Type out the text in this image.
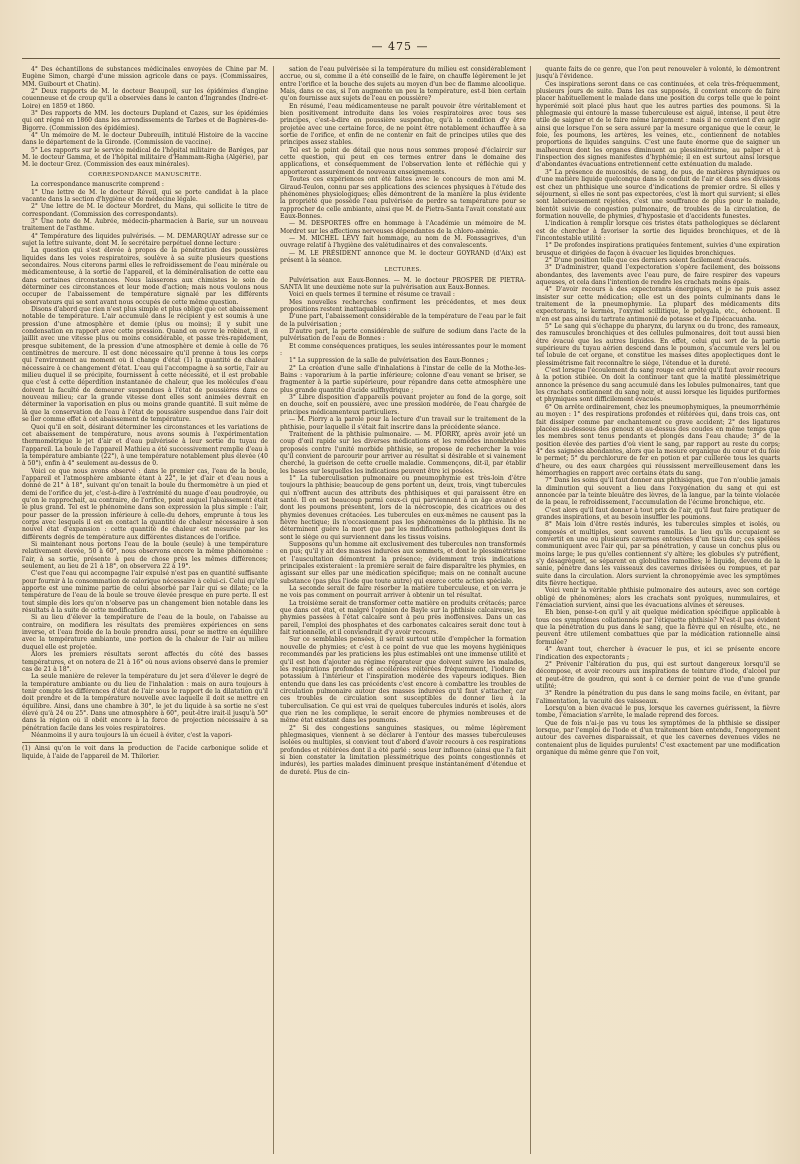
— 475 —

4° Des échantillons de substances médicinales envoyées de Chine par M. Eugène Simon, chargé d'une mission agricole dans ce pays. (Commissaires, MM. Guibourt et Chatin).

2° Deux rapports de M. le docteur Beaupoil, sur les épidémies d'angine couenneuse et de croup qu'il a observées dans le canton d'Ingrandes (Indre-et-Loire) en 1859 et 1860.

3° Des rapports de MM. les docteurs Dupland et Cazes, sur les épidémies qui ont régné en 1860 dans les arrondissements de Tarbes et de Bagnères-de-Bigorre. (Commission des épidémies).

4° Un mémoire de M. le docteur Dubreuilh, intitulé Histoire de la vaccine dans le département de la Gironde. (Commission de vaccine).

5° Les rapports sur le service médical de l'hôpital militaire de Baréges, par M. le docteur Gamma, et de l'hôpital militaire d'Hammam-Righa (Algérie), par M. le docteur Grez. (Commission des eaux minérales).

CORRESPONDANCE MANUSCRITE.

La correspondance manuscrite comprend :

1° Une lettre de M. le docteur Réveil, qui se porte candidat à la place vacante dans la section d'hygiène et de médecine légale.

2° Une lettre de M. le docteur Mordret, du Mans, qui sollicite le titre de correspondant. (Commission des correspondants).

3° Une note de M. Aubrée, médecin-pharmacien à Barie, sur un nouveau traitement de l'asthme.

4° Température des liquides pulvérisés. — M. DEMARQUAY adresse sur ce sujet la lettre suivante, dont M. le secrétaire perpétuel donne lecture :

La question qui s'est élevée à propos de la pénétration des poussières liquides dans les voies respiratoires, soulève à sa suite plusieurs questions secondaires. Nous citerons parmi elles le refroidissement de l'eau minérale ou médicamenteuse, à la sortie de l'appareil, et la déminéralisation de cette eau dans certaines circonstances. Nous laisserons aux chimistes le soin de déterminer ces circonstances et leur mode d'action; mais nous voulons nous occuper de l'abaissement de température signalé par les différents observateurs qui se sont avant nous occupés de cette même question.

Disons d'abord que rien n'est plus simple et plus obligé que cet abaissement notable de température. L'air accumulé dans le récipient y est soumis à une pression d'une atmosphère et demie (plus ou moins); il y subit une condensation en rapport avec cette pression. Quand on ouvre le robinet, il en jaillit avec une vitesse plus ou moins considérable, et passe très-rapidement, presque subitement, de la pression d'une atmosphère et demie à celle de 76 centimètres de mercure. Il est donc nécessaire qu'il prenne à tous les corps qui l'environnent au moment où il change d'état (1) la quantité de chaleur nécessaire à ce changement d'état. L'eau qui l'accompagne à sa sortie, l'air au milieu duquel il se précipite, fournissent à cette nécessité, et il est probable que c'est à cette déperdition instantanée de chaleur, que les molécules d'eau doivent la faculté de demeurer suspendues à l'état de poussières dans ce nouveau milieu; car la grande vitesse dont elles sont animées devrait en déterminer la vaporisation en plus ou moins grande quantité. Il suit même de là que la conservation de l'eau à l'état de poussière suspendue dans l'air doit se lier comme effet à cet abaissement de température.

Quoi qu'il en soit, désirant déterminer les circonstances et les variations de cet abaissement de température, nous avons soumis à l'expérimentation thermométrique le jet d'air et d'eau pulvérisée à leur sortie du tuyau de l'appareil. La boule de l'appareil Mathieu a été successivement remplie d'eau à la température ambiante (22°), à une température notablement plus élevée (40 à 50°), enfin à 4° seulement au-dessus de 0.

Voici ce que nous avons observé : dans le premier cas, l'eau de la boule, l'appareil et l'atmosphère ambiante étant à 22°, le jet d'air et d'eau nous a donné de 21° à 18°, suivant qu'on tenait la boule du thermomètre à un pied et demi de l'orifice du jet, c'est-à-dire à l'extrémité du nuage d'eau poudroyée, ou qu'on le rapprochait, au contraire, de l'orifice, point auquel l'abaissement était le plus grand. Tel est le phénomène dans son expression la plus simple : l'air, pour passer de la pression inférieure à celle-du dehors, emprunte à tous les corps avec lesquels il est en contact la quantité de chaleur nécessaire à son nouvel état d'expansion : cette quantité de chaleur est mesurée par les différents degrés de température aux différentes distances de l'orifice.

Si maintenant nous portons l'eau de la boule (seule) à une température relativement élevée, 50 à 60°, nous observons encore la même phénomène : l'air, à sa sortie, présente à peu de chose près les mêmes différences; seulement, au lieu de 21 à 18°, on observera 22 à 19°.

C'est que l'eau qui accompagne l'air expulsé n'est pas en quantité suffisante pour fournir à la consommation de calorique nécessaire à celui-ci. Celui qu'elle apporte est une minime partie de celui absorbé par l'air qui se dilate; ce la température de l'eau de la boule se trouve élevée presque en pure perte. Il est tout simple dès lors qu'on n'observe pas un changement bien notable dans les résultats à la suite de cette modification.

Si au lieu d'élever la température de l'eau de la boule, on l'abaisse au contraire, on modifiera les résultats des premières expériences en sens inverse, et l'eau froide de la boule prendra aussi, pour se mettre en équilibre avec la température ambiante, une portion de la chaleur de l'air au milieu duquel elle est projetée.

Alors les premiers résultats seront affectés du côté des basses températures, et on notera de 21 à 16° où nous avions observé dans le premier cas de 21 à 18°.

La seule manière de relever la température du jet sera d'élever le degré de la température ambiante ou du lieu de l'inhalation : mais on aura toujours à tenir compte les différences d'état de l'air sous le rapport de la dilatation qu'il doit prendre et de la température nouvelle avec laquelle il doit se mettre en équilibre. Ainsi, dans une chambre à 30°, le jet du liquide à sa sortie ne s'est élevé qu'à 24 ou 25°. Dans une atmosphère à 60°, peut-être irait-il jusqu'à 50° dans la région où il obéit encore à la force de projection nécessaire à sa pénétration facile dans les voies respiratoires.

Néanmoins il y aura toujours là un écueil à éviter, c'est la vapori-

(1) Ainsi qu'on le voit dans la production de l'acide carbonique solide et liquide, à l'aide de l'appareil de M. Thilorier.

sation de l'eau pulvérisée si la température du milieu est considérablement accrue, ou si, comme il a été conseillé de le faire, on chauffe légèrement le jet entre l'orifice et la bouche des sujets au moyen d'un bec de flamme alcoolique. Mais, dans ce cas, si l'on augmente un peu la température, est-il bien certain qu'on fournisse aux sujets de l'eau en poussière?

En résumé, l'eau médicamenteuse ne paraît pouvoir être véritablement et bien positivement introduite dans les voies respiratoires avec tous ses principes, c'est-à-dire en poussière suspendue, qu'à la condition d'y être projetée avec une certaine force, de ne point être notablement échauffée à sa sortie de l'orifice, et enfin de ne contenir en fait de principes utiles que des principes assez stables.

Tel est le point de détail que nous nous sommes proposé d'éclaircir sur cette question, qui peut en ces termes entrer dans le domaine des applications, et conséquemment de l'observation lente et réfléchie qui y apporteront assurément de nouveaux enseignements.

Toutes ces expériences ont été faites avec le concours de mon ami M. Giraud-Teulon, connu par ses applications des sciences physiques à l'étude des phénomènes physiologiques; elles démontrent de la manière la plus évidente la propriété que possède l'eau pulvérisée de perdre sa température pour se rapprocher de celle ambiante, ainsi que M. de Pietra-Santa l'avait constaté aux Eaux-Bonnes.

— M. DESPORTES offre en hommage à l'Académie un mémoire de M. Mordret sur les affections nerveuses dépendantes de la chloro-anémie.

— M. MICHEL LÉVY fait hommage, au nom de M. Fonssagrives, d'un ouvrage relatif à l'hygiène des valétudinaires et des convalescents.

— M. LE PRÉSIDENT annonce que M. le docteur GOYRAND (d'Aix) est présent à la séance.

LECTURES.

Pulvérisation aux Eaux-Bonnes. — M. le docteur PROSPER DE PIETRA-SANTA lit une deuxième note sur la pulvérisation aux Eaux-Bonnes.

Voici en quels termes il termine et résume ce travail :

Mes nouvelles recherches confirment les précédentes, et mes deux propositions restent inattaquables :

D'une part, l'abaissement considérable de la température de l'eau par le fait de la pulvérisation ;

D'autre part, la perte considérable de sulfure de sodium dans l'acte de la pulvérisation de l'eau de Bonnes :

Et comme conséquences pratiques, les seules intéressantes pour le moment :

1° La suppression de la salle de pulvérisation des Eaux-Bonnes ;

2° La création d'une salle d'inhalations à l'instar de celle de la Mothe-les-Bains : vaporarium à la partie inférieure; colonne d'eau venant se briser, se fragmenter à la partie supérieure, pour répandre dans cette atmosphère une plus grande quantité d'acide sulfhydrique ;

3° Libre disposition d'appareils pouvant projeter au fond de la gorge, soit en douche, soit en poussière, avec une pression modérée, de l'eau chargée de principes médicamenteux particuliers.

— M. Piorry a la parole pour la lecture d'un travail sur le traitement de la phthisie, pour laquelle il s'était fait inscrire dans la précédente séance.

Traitement de la phthisie pulmonaire. — M. PIORRY, après avoir jeté un coup d'œil rapide sur les diverses médications et les remèdes innombrables proposés contre l'unité morbide phthisie, se propose de rechercher la voie qu'il convient de parcourir pour arriver au résultat si désirable et si vainement cherché, la guérison de cette cruelle maladie. Commençons, dit-il, par établir les bases sur lesquelles les indications peuvent être ici posées.

1° La tuberculisation pulmonaire ou pneumophymie est très-loin d'être toujours la phthisie; beaucoup de gens portent un, deux, trois, vingt tubercules qui n'offrent aucun des attributs des phthisiques et qui paraissent être en santé. Il en est beaucoup parmi ceux-ci qui parviennent à un âge avancé et dont les poumons présentent, lors de la nécroscopie, des cicatrices ou des phymies devenues crétacées. Les tubercules en eux-mêmes ne causent pas la fièvre hectique; ils n'occasionnent pas les phénomènes de la phthisie. Ils ne déterminent guère la mort que par les modifications pathologiques dont ils sont le siége ou qui surviennent dans les tissus voisins.

Supposons qu'un homme ait exclusivement des tubercules non transformés en pus; qu'il y ait des masses indurées aux sommets, et dont le plessimétrisme et l'auscultation démontrent la présence; évidemment trois indications principales existeraient : la première serait de faire disparaître les phymies, en agissant sur elles par une médication spécifique; mais on ne connaît aucune substance (pas plus l'iode que toute autre) qui exerce cette action spéciale.

La seconde serait de faire résorber la matière tuberculeuse, et on verra je ne vois pas comment on pourrait arriver à obtenir un tel résultat.

La troisième serait de transformer cette matière en produits crétacés; parce que dans cet état, et malgré l'opinion de Bayle sur la phthisie calcaireuse, les phymies passées à l'état calcaire sont à peu près inoffensives. Dans un cas pareil, l'emploi des phosphates et des carbonates calcaires serait donc tout à fait rationnelle, et il conviendrait d'y avoir recours.

Sur ce semblables pensées, il serait surtout utile d'empêcher la formation nouvelle de phymies; et c'est à ce point de vue que les moyens hygiéniques recommandés par les praticiens les plus estimables ont une immense utilité et qu'il est bon d'ajouter au régime réparateur que doivent suivre les malades, les respirations profondes et accélérées réitérées fréquemment, l'iodure de potassium à l'intérieur et l'inspiration modérée des vapeurs iodiques. Bien entendu que dans les cas précédents c'est encore à combattre les troubles de circulation pulmonaire autour des masses indurées qu'il faut s'attacher, car ces troubles de circulation sont susceptibles de donner lieu à la tuberculisation. Ce qui est vrai de quelques tubercules indurés et isolés, alors que rien ne les complique, le serait encore de phymies nombreuses et de même état existant dans les poumons.

2° Si des congestions sanguines stasiques, ou même légèrement phlegmasiques, viennent à se déclarer à l'entour des masses tuberculeuses isolées ou multiples, si convient tout d'abord d'avoir recours à ces respirations profondes et réitérées dont il a été parlé : sous leur influence (ainsi que l'a fait si bien constater la limitation plessimétrique des points congestionnés et indurés), les parties malades diminuent presque instantanément d'étendue et de dureté. Plus de cin-

quante faits de ce genre, que l'on peut renouveler à volonté, le démontrent jusqu'à l'évidence.

Ces inspirations seront dans ce cas continuées, et cela très-fréquemment, plusieurs jours de suite. Dans les cas supposés, il convient encore de faire placer habituellement le malade dans une position du corps telle que le point hyperémié soit placé plus haut que les autres parties des poumons. Si la phlegmasie qui entoure la masse tuberculeuse est aiguë, intense, il peut être utile de saigner et de le faire même largement : mais il ne convient d'en agir ainsi que lorsque l'on se sera assuré par la mesure organique que le cœur, le foie, les poumons, les artères, les veines, etc., contiennent de notables proportions de liquides sanguins. C'est une faute énorme que de saigner un malheureux dont les organes diminuent au plessimétrisme, au palper et à l'inspection des signes manifestes d'hyphémie; il en est surtout ainsi lorsque d'abondantes évacuations entretiennent cette exténuation du malade.

3° La présence de mucosités, de sang, de pus, de matières phymiques ou d'une matière liquide quelconque dans le conduit de l'air et dans ses divisions est chez un phthisique une source d'indications de premier ordre. Si elles y séjournent, si elles ne sont pas expectorées, c'est là mort qui survient; si elles sont laborieusement rejetées, c'est une souffrance de plus pour le malade, bientôt suivie de congestion pulmonaire, de troubles de la circulation, de formation nouvelle, de phymies, d'hypostasie et d'accidents funestes.

L'indication à remplir lorsque ces tristes états pathologiques se déclarent est de chercher à favoriser la sortie des liquides bronchiques, et de là l'incontestable utilité :

1° De profondes inspirations pratiquées fentement, suivies d'une expiration brusque et dirigées de façon à évacuer les liquides bronchiques.

2° D'une position telle que ces derniers soient facilement évacués.

3° D'administrer, quand l'expectoration s'opère facilement, des boissons abondantes, des lavements avec l'eau pure, de faire respirer des vapeurs aqueuses, et cela dans l'intention de rendre les crachats moins épais.

4° D'avoir recours à des expectorants énergiques, et je ne puis assez insister sur cette médication; elle est un des points culminants dans le traitement de la pneumophymie. La plupart des médicaments dits expectorants, le kermès, l'oxymel scillitique, le polygala, etc., échouent. Il n'en est pas ainsi du tartrate antimonié de potasse et de l'ipécacuanha.

5° Le sang qui s'échappe du pharynx, du larynx ou du tronc, des rameaux, des ramuscules bronchiques et des cellules pulmonaires, doit tout aussi bien être évacué que les autres liquides. En effet, celui qui sort de la partie supérieure du tuyau aérien descend dans le poumon, s'accumule vers lel ou tel lobule de cet organe, et constitue les masses dites apoplectiques dont le plessimétrisme fait reconnaître le siége, l'étendue et la dureté.

C'est lorsque l'écoulement du sang rouge est arrêté qu'il faut avoir recours à la potion stibiée. On doit la continuer tant que la matité plessimétrique annonce la présence du sang accumulé dans les lobules pulmonaires, tant que les crachats contiennent du sang noir, et aussi lorsque les liquides puriformes et phymiques sont difficilement évacués.

6° On arrête ordinairement, chez les pneumophymiques, la pneumorrhémie au moyen : 1° des respirations profondes et réitérées qui, dans trois cas, ont fait dissiper comme par enchantement ce grave accident; 2° des ligatures placées au-dessous des genoux et au-dessus des coudes en même temps que les membres sont tenus pendants et plongés dans l'eau chaude; 3° de la position élevée des parties d'où vient le sang, par rapport au reste du corps; 4° des saignées abondantes, alors que la mesure organique du cœur et du foie le permet; 5° du perchlorure de fer en potion et par cuillerée tous les quarts d'heure, ou des eaux chargées qui réussissent merveilleusement dans les hémorrhagies en rapport avec certains états du sang.

7° Dans les soins qu'il faut donner aux phthisiques, que l'on n'oublie jamais la diminution qui souvent a lieu dans l'oxygénation du sang et qui est annoncée par la teinte bleuâtre des lèvres, de la langue, par la teinte violacée de la peau, le refroidissement, l'accumulation de l'écume bronchique, etc.

C'est alors qu'il faut donner à tout prix de l'air, qu'il faut faire pratiquer de grandes inspirations, et au besoin insuffler les poumons.

8° Mais loin d'être restés indurés, les tubercules simples et isolés, ou composés et multiples, sont souvent ramollis. Le lieu qu'ils occupaient se convertit en une ou plusieurs cavernes entourées d'un tissu dur; ces spélées communiquent avec l'air qui, par sa pénétration, y cause un conchus plus ou moins large; le pus qu'elles contiennent s'y altère; les globules s'y putréfient, s'y désagrègent, se séparent en globulites ramollies; le liquide, devenu de la sanie, pénètre dans les vaisseaux des cavernes divisées ou rompues, et par suite dans la circulation. Alors survient la chronopyémie avec les symptômes dits fièvre hectique.

Voici venir la véritable phthisie pulmonaire des auteurs, avec son cortége obligé de phénomènes; alors les crachats sont pyoïques, nummulaires, et l'émaciation survient, ainsi que les évacuations alvines et séreuses.

Eh bien, pense-t-on qu'il y ait quelque médication spécifique applicable à tous ces symptômes collationnés par l'étiquette phthisie? N'est-il pas évident que la pénétration du pus dans le sang, que la fièvre qui en résulte, etc., ne peuvent être utilement combattues que par la médication rationnelle ainsi formulée?

4° Avant tout, chercher à évacuer le pus, et ici se présente encore l'indication des expectorants ;

2° Prévenir l'altération du pus, qui est surtout dangereux lorsqu'il se décompose, et avoir recours aux inspirations de teinture d'iode, d'alcool pur et peut-être de goudron, qui sont à ce dernier point de vue d'une grande utilité;

3° Rendre la pénétration du pus dans le sang moins facile, en évitant, par l'alimentation, la vacuité des vaisseaux.

Lorsqu'on a bien évacué le pus, lorsque les cavernes guérissent, la fièvre tombe, l'émaciation s'arrête, le malade reprend des forces.

Que de fois n'ai-je pas vu tous les symptômes de la phthisie se dissiper lorsque, par l'emploi de l'iode et d'un traitement bien entendu, l'engorgement autour des cavernes disparaissait, et que les cavernes devenues vides ne contenaient plus de liquides purulents! C'est exactement par une modification organique du même genre que l'on voit,
